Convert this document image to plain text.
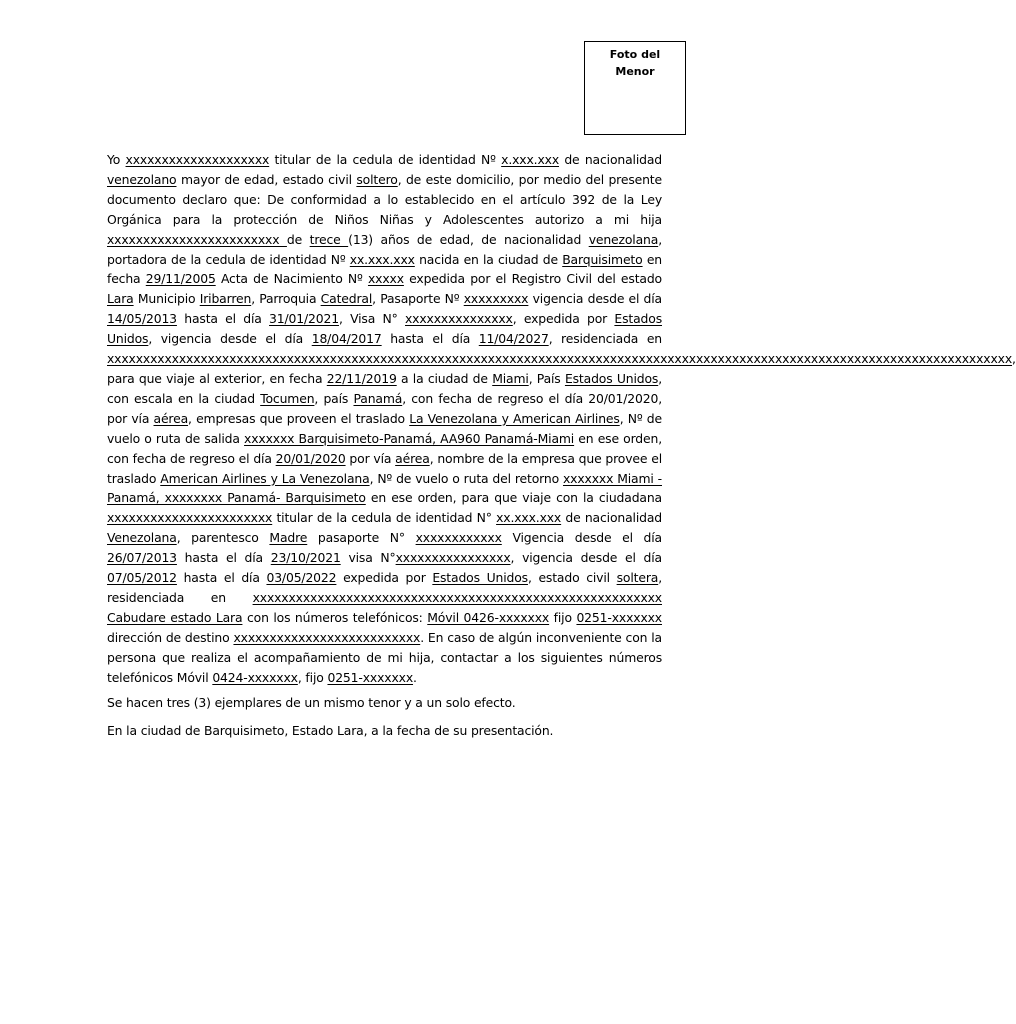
Foto del
Menor

Yo xxxxxxxxxxxxxxxxxxxx titular de la cedula de identidad Nº x.xxx.xxx de nacionalidad venezolano mayor de edad, estado civil soltero, de este domicilio, por medio del presente documento declaro que: De conformidad a lo establecido en el artículo 392 de la Ley Orgánica para la protección de Niños Niñas y Adolescentes autorizo a mi hija xxxxxxxxxxxxxxxxxxxxxxxx de trece (13) años de edad, de nacionalidad venezolana, portadora de la cedula de identidad Nº xx.xxx.xxx nacida en la ciudad de Barquisimeto en fecha 29/11/2005 Acta de Nacimiento Nº xxxxx expedida por el Registro Civil del estado Lara Municipio Iribarren, Parroquia Catedral, Pasaporte Nº xxxxxxxxx vigencia desde el día 14/05/2013 hasta el día 31/01/2021, Visa N° xxxxxxxxxxxxxxx, expedida por Estados Unidos, vigencia desde el día 18/04/2017 hasta el día 11/04/2027, residenciada en xxxxxxxxxxxxxxxxxxxxxxxxxxxxxxxxxxxxxxxxxxxxxxxxxxxxxxxxxxxxxxxxxxxxxxxxxxxxxxxxxxxxxxxxxxxxxxxxxxxxxxxxxxxxxxxxxxxxxxxxxxxxxx, para que viaje al exterior, en fecha 22/11/2019 a la ciudad de Miami, País Estados Unidos, con escala en la ciudad Tocumen, país Panamá, con fecha de regreso el día 20/01/2020, por vía aérea, empresas que proveen el traslado La Venezolana y American Airlines, Nº de vuelo o ruta de salida xxxxxxx Barquisimeto-Panamá, AA960 Panamá-Miami en ese orden, con fecha de regreso el día 20/01/2020 por vía aérea, nombre de la empresa que provee el traslado American Airlines y La Venezolana, Nº de vuelo o ruta del retorno xxxxxxx Miami -Panamá, xxxxxxxx Panamá- Barquisimeto en ese orden, para que viaje con la ciudadana xxxxxxxxxxxxxxxxxxxxxxx titular de la cedula de identidad N° xx.xxx.xxx de nacionalidad Venezolana, parentesco Madre pasaporte N° xxxxxxxxxxxx Vigencia desde el día 26/07/2013 hasta el día 23/10/2021 visa N°xxxxxxxxxxxxxxxx, vigencia desde el día 07/05/2012 hasta el día 03/05/2022 expedida por Estados Unidos, estado civil soltera, residenciada en xxxxxxxxxxxxxxxxxxxxxxxxxxxxxxxxxxxxxxxxxxxxxxxxxxxxxxxxx Cabudare estado Lara con los números telefónicos: Móvil 0426-xxxxxxx fijo 0251-xxxxxxx dirección de destino xxxxxxxxxxxxxxxxxxxxxxxxxx. En caso de algún inconveniente con la persona que realiza el acompañamiento de mi hija, contactar a los siguientes números telefónicos Móvil 0424-xxxxxxx, fijo 0251-xxxxxxx.

Se hacen tres (3) ejemplares de un mismo tenor y a un solo efecto.

En la ciudad de Barquisimeto, Estado Lara, a la fecha de su presentación.
